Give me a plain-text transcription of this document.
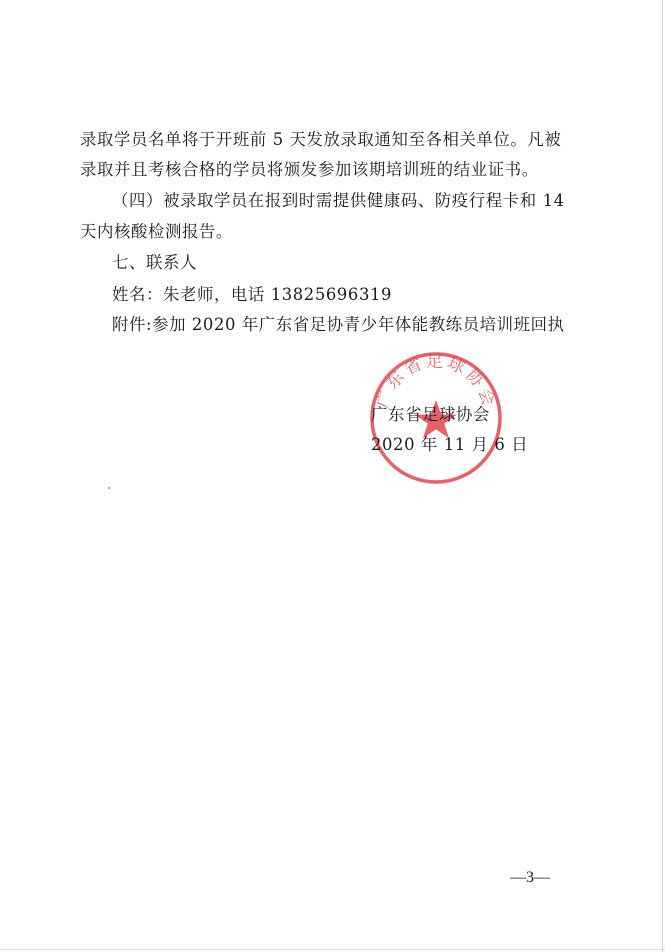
录取学员名单将于开班前 5 天发放录取通知至各相关单位。凡被
录取并且考核合格的学员将颁发参加该期培训班的结业证书。
（四）被录取学员在报到时需提供健康码、防疫行程卡和 14
天内核酸检测报告。
七、联系人
姓名：朱老师，电话 13825696319
附件:参加 2020 年广东省足协青少年体能教练员培训班回执
广东省足球协会
广东省足球协会
2020 年 11 月 6 日
—3—
